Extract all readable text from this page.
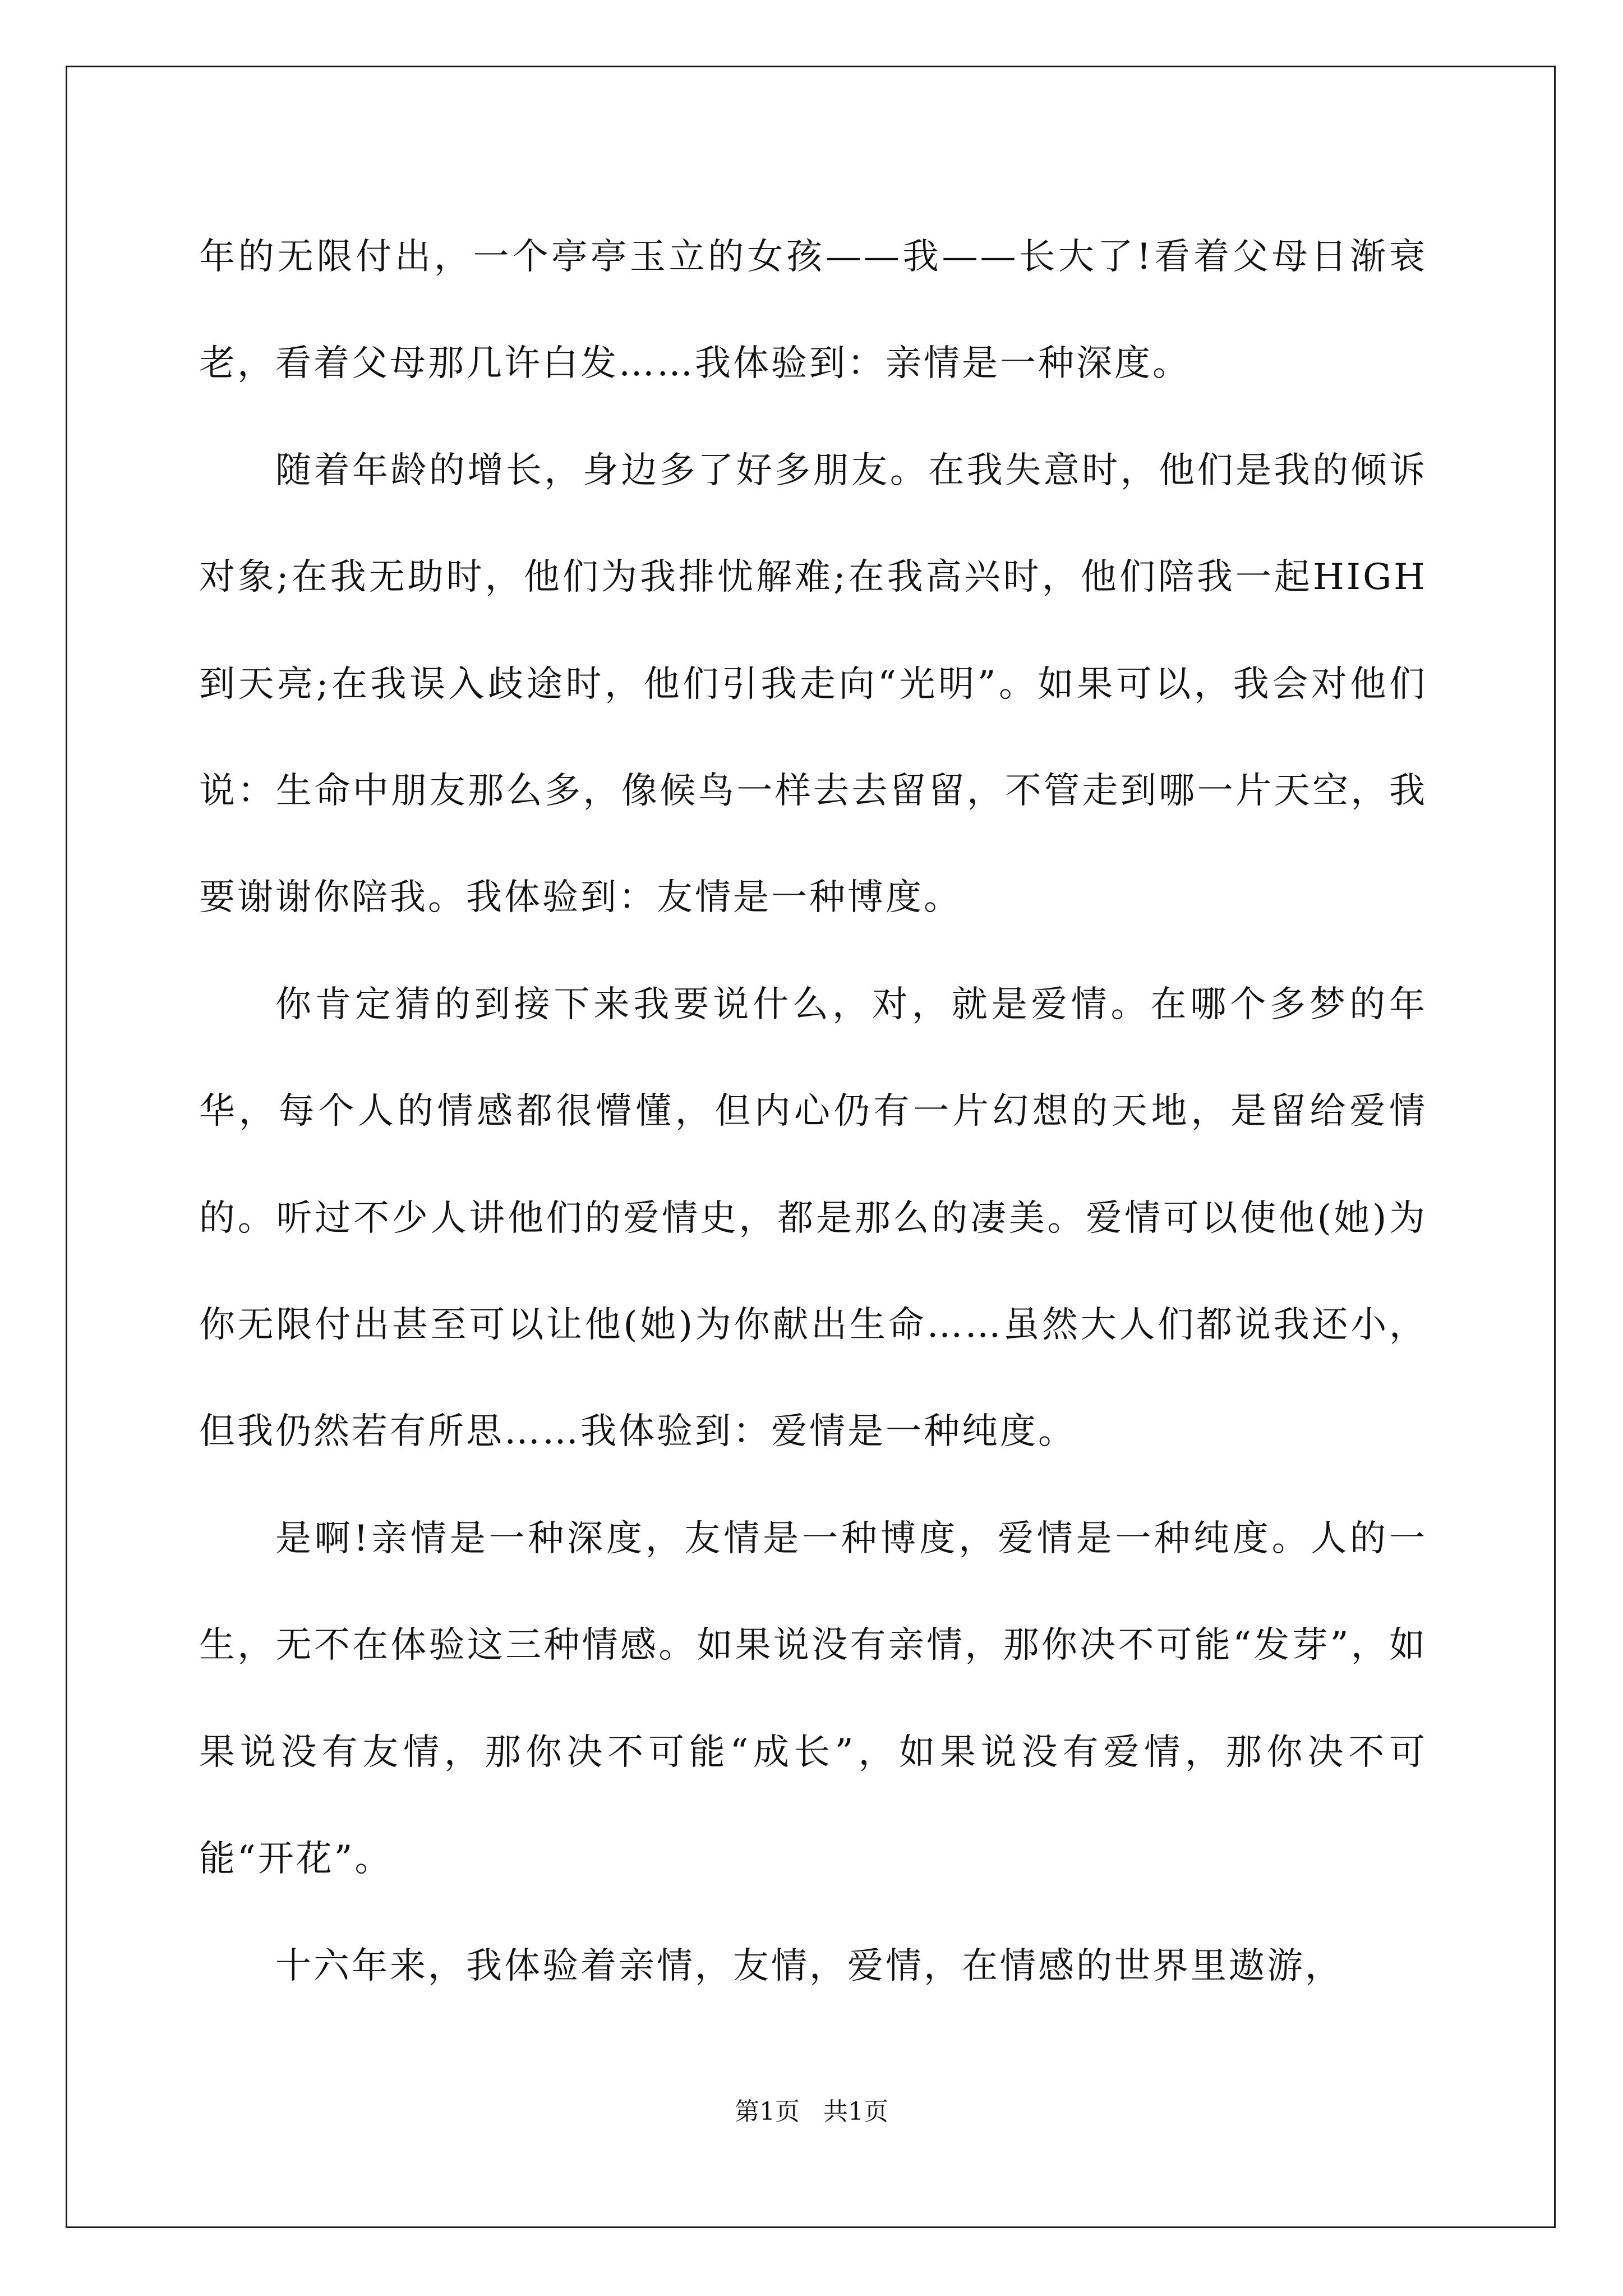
年的无限付出，一个亭亭玉立的女孩——我——长大了!看着父母日渐衰老，看着父母那几许白发……我体验到：亲情是一种深度。

随着年龄的增长，身边多了好多朋友。在我失意时，他们是我的倾诉对象;在我无助时，他们为我排忧解难;在我高兴时，他们陪我一起HIGH到天亮;在我误入歧途时，他们引我走向“光明”。如果可以，我会对他们说：生命中朋友那么多，像候鸟一样去去留留，不管走到哪一片天空，我要谢谢你陪我。我体验到：友情是一种博度。

你肯定猜的到接下来我要说什么，对，就是爱情。在哪个多梦的年华，每个人的情感都很懵懂，但内心仍有一片幻想的天地，是留给爱情的。听过不少人讲他们的爱情史，都是那么的凄美。爱情可以使他(她)为你无限付出甚至可以让他(她)为你献出生命……虽然大人们都说我还小，但我仍然若有所思……我体验到：爱情是一种纯度。

是啊!亲情是一种深度，友情是一种博度，爱情是一种纯度。人的一生，无不在体验这三种情感。如果说没有亲情，那你决不可能“发芽”，如果说没有友情，那你决不可能“成长”，如果说没有爱情，那你决不可能“开花”。

十六年来，我体验着亲情，友情，爱情，在情感的世界里遨游，

第1页   共1页
